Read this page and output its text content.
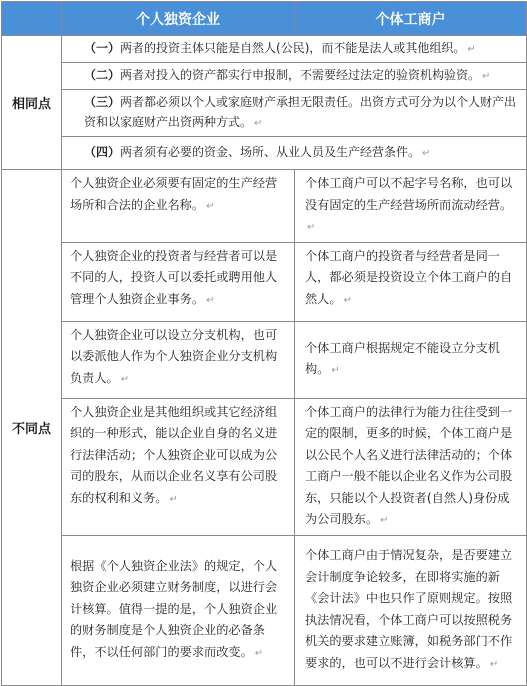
	个人独资企业	个体工商户
相同点	（一）两者的投资主体只能是自然人(公民)，而不能是法人或其他组织。 ↵	
	（二）两者对投入的资产都实行申报制，不需要经过法定的验资机构验资。 ↵	
	（三）两者都必须以个人或家庭财产承担无限责任。出资方式可分为以个人财产出资和以家庭财产出资两种方式。 ↵	
	（四）两者须有必要的资金、场所、从业人员及生产经营条件。 ↵	
不同点	个人独资企业必须要有固定的生产经营场所和合法的企业名称。 ↵	个体工商户可以不起字号名称，也可以没有固定的生产经营场所而流动经营。↵
	个人独资企业的投资者与经营者可以是不同的人，投资人可以委托或聘用他人管理个人独资企业事务。 ↵	个体工商户的投资者与经营者是同一人，都必须是投资设立个体工商户的自然人。 ↵
	个人独资企业可以设立分支机构，也可以委派他人作为个人独资企业分支机构负责人。 ↵	个体工商户根据规定不能设立分支机构。 ↵
	个人独资企业是其他组织或其它经济组织的一种形式，能以企业自身的名义进行法律活动；个人独资企业可以成为公司的股东，从而以企业名义享有公司股东的权利和义务。 ↵	个体工商户的法律行为能力往往受到一定的限制，更多的时候，个体工商户是以公民个人名义进行法律活动的；个体工商户一般不能以企业名义作为公司股东，只能以个人投资者(自然人)身份成为公司股东。 ↵
	根据《个人独资企业法》的规定，个人独资企业必须建立财务制度，以进行会计核算。值得一提的是，个人独资企业的财务制度是个人独资企业的必备条件，不以任何部门的要求而改变。 ↵	个体工商户由于情况复杂，是否要建立会计制度争论较多，在即将实施的新《会计法》中也只作了原则规定。按照执法情况看，个体工商户可以按照税务机关的要求建立账簿，如税务部门不作要求的，也可以不进行会计核算。 ↵
